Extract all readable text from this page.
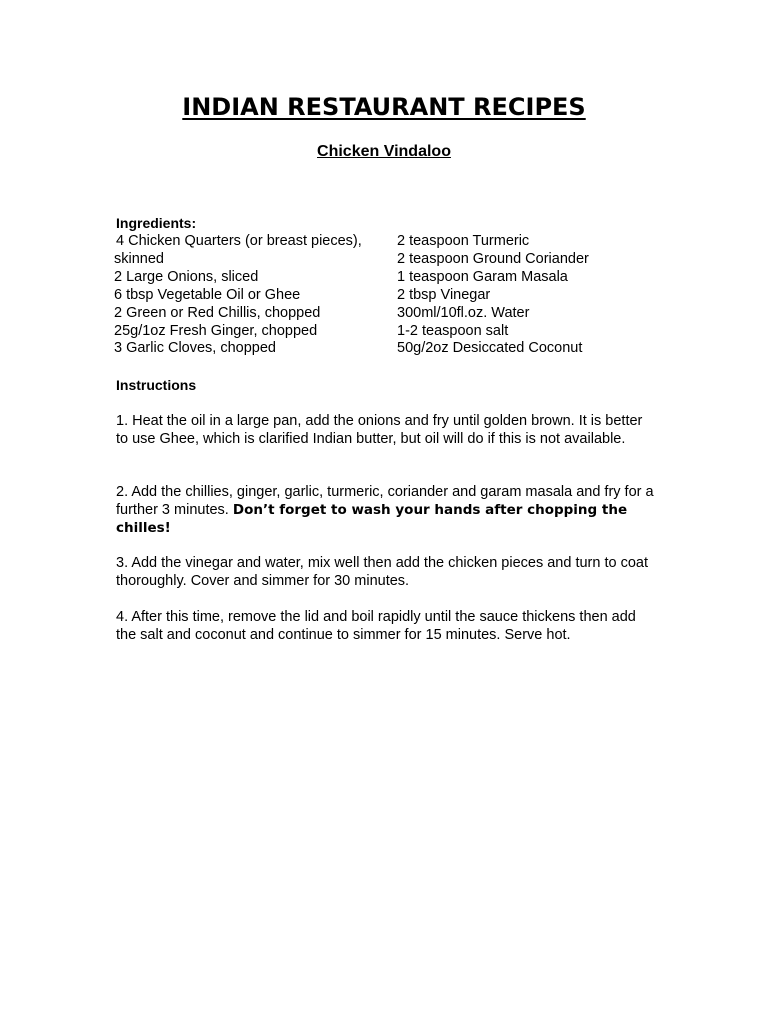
INDIAN RESTAURANT RECIPES
Chicken Vindaloo

Ingredients:

4 Chicken Quarters (or breast pieces),
skinned
2 Large Onions, sliced
6 tbsp Vegetable Oil or Ghee
2 Green or Red Chillis, chopped
25g/1oz Fresh Ginger, chopped
3 Garlic Cloves, chopped
2 teaspoon Turmeric
2 teaspoon Ground Coriander
1 teaspoon Garam Masala
2 tbsp Vinegar
300ml/10fl.oz. Water
1-2 teaspoon salt
50g/2oz Desiccated Coconut

Instructions

1. Heat the oil in a large pan, add the onions and fry until golden brown. It is better to use Ghee, which is clarified Indian butter, but oil will do if this is not available.

2. Add the chillies, ginger, garlic, turmeric, coriander and garam masala and fry for a further 3 minutes. Don’t forget to wash your hands after chopping the chilles!

3. Add the vinegar and water, mix well then add the chicken pieces and turn to coat thoroughly. Cover and simmer for 30 minutes.

4. After this time, remove the lid and boil rapidly until the sauce thickens then add the salt and coconut and continue to simmer for 15 minutes. Serve hot.
